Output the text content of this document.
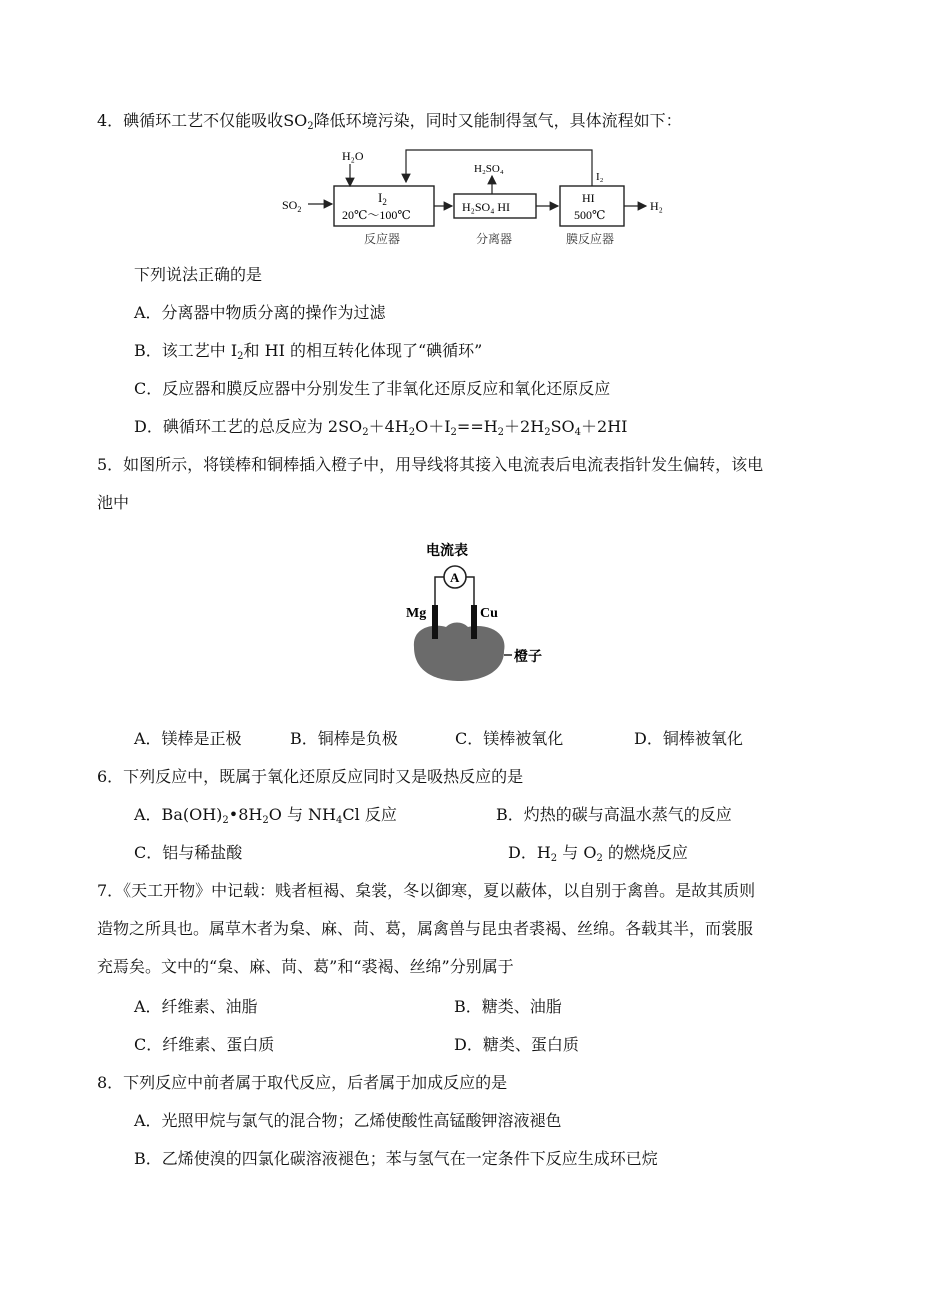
4．碘循环工艺不仅能吸收$SO_2$降低环境污染，同时又能制得氢气，具体流程如下：
$SO_2$
H₂O
$I_2$
20℃～100℃
H₂SO₄ HI
H₂SO₄
HI
500℃
H₂
I₂
反应器	分离器	膜反应器
下列说法正确的是
A．分离器中物质分离的操作为过滤
B．该工艺中 $I_2$和 HI 的相互转化体现了“碘循环”
C．反应器和膜反应器中分别发生了非氧化还原反应和氧化还原反应
D．碘循环工艺的总反应为 $2SO_2+4H_2O+I_2==H_2+2H_2SO_4+2HI$
5．如图所示，将镁棒和铜棒插入橙子中，用导线将其接入电流表后电流表指针发生偏转，该电
池中
电流表
A
Mg	Cu
橙子
A．镁棒是正极	B．铜棒是负极	C．镁棒被氧化	D．铜棒被氧化
6．下列反应中，既属于氧化还原反应同时又是吸热反应的是
A．$Ba(OH)_2•8H_2O$ 与 $NH_4Cl$ 反应	B．灼热的碳与高温水蒸气的反应
C．铝与稀盐酸	D．$H_2$ 与 $O_2$ 的燃烧反应
7．《天工开物》中记载：贱者桓褐、枲裳，冬以御寒，夏以蔽体，以自别于禽兽。是故其质则
造物之所具也。属草木者为枲、麻、苘、葛，属禽兽与昆虫者裘褐、丝绵。各载其半，而裳服
充焉矣。文中的“枲、麻、苘、葛”和“裘褐、丝绵”分别属于
A．纤维素、油脂	B．糖类、油脂
C．纤维素、蛋白质	D．糖类、蛋白质
8．下列反应中前者属于取代反应，后者属于加成反应的是
A．光照甲烷与氯气的混合物；乙烯使酸性高锰酸钾溶液褪色
B．乙烯使溴的四氯化碳溶液褪色；苯与氢气在一定条件下反应生成环已烷
